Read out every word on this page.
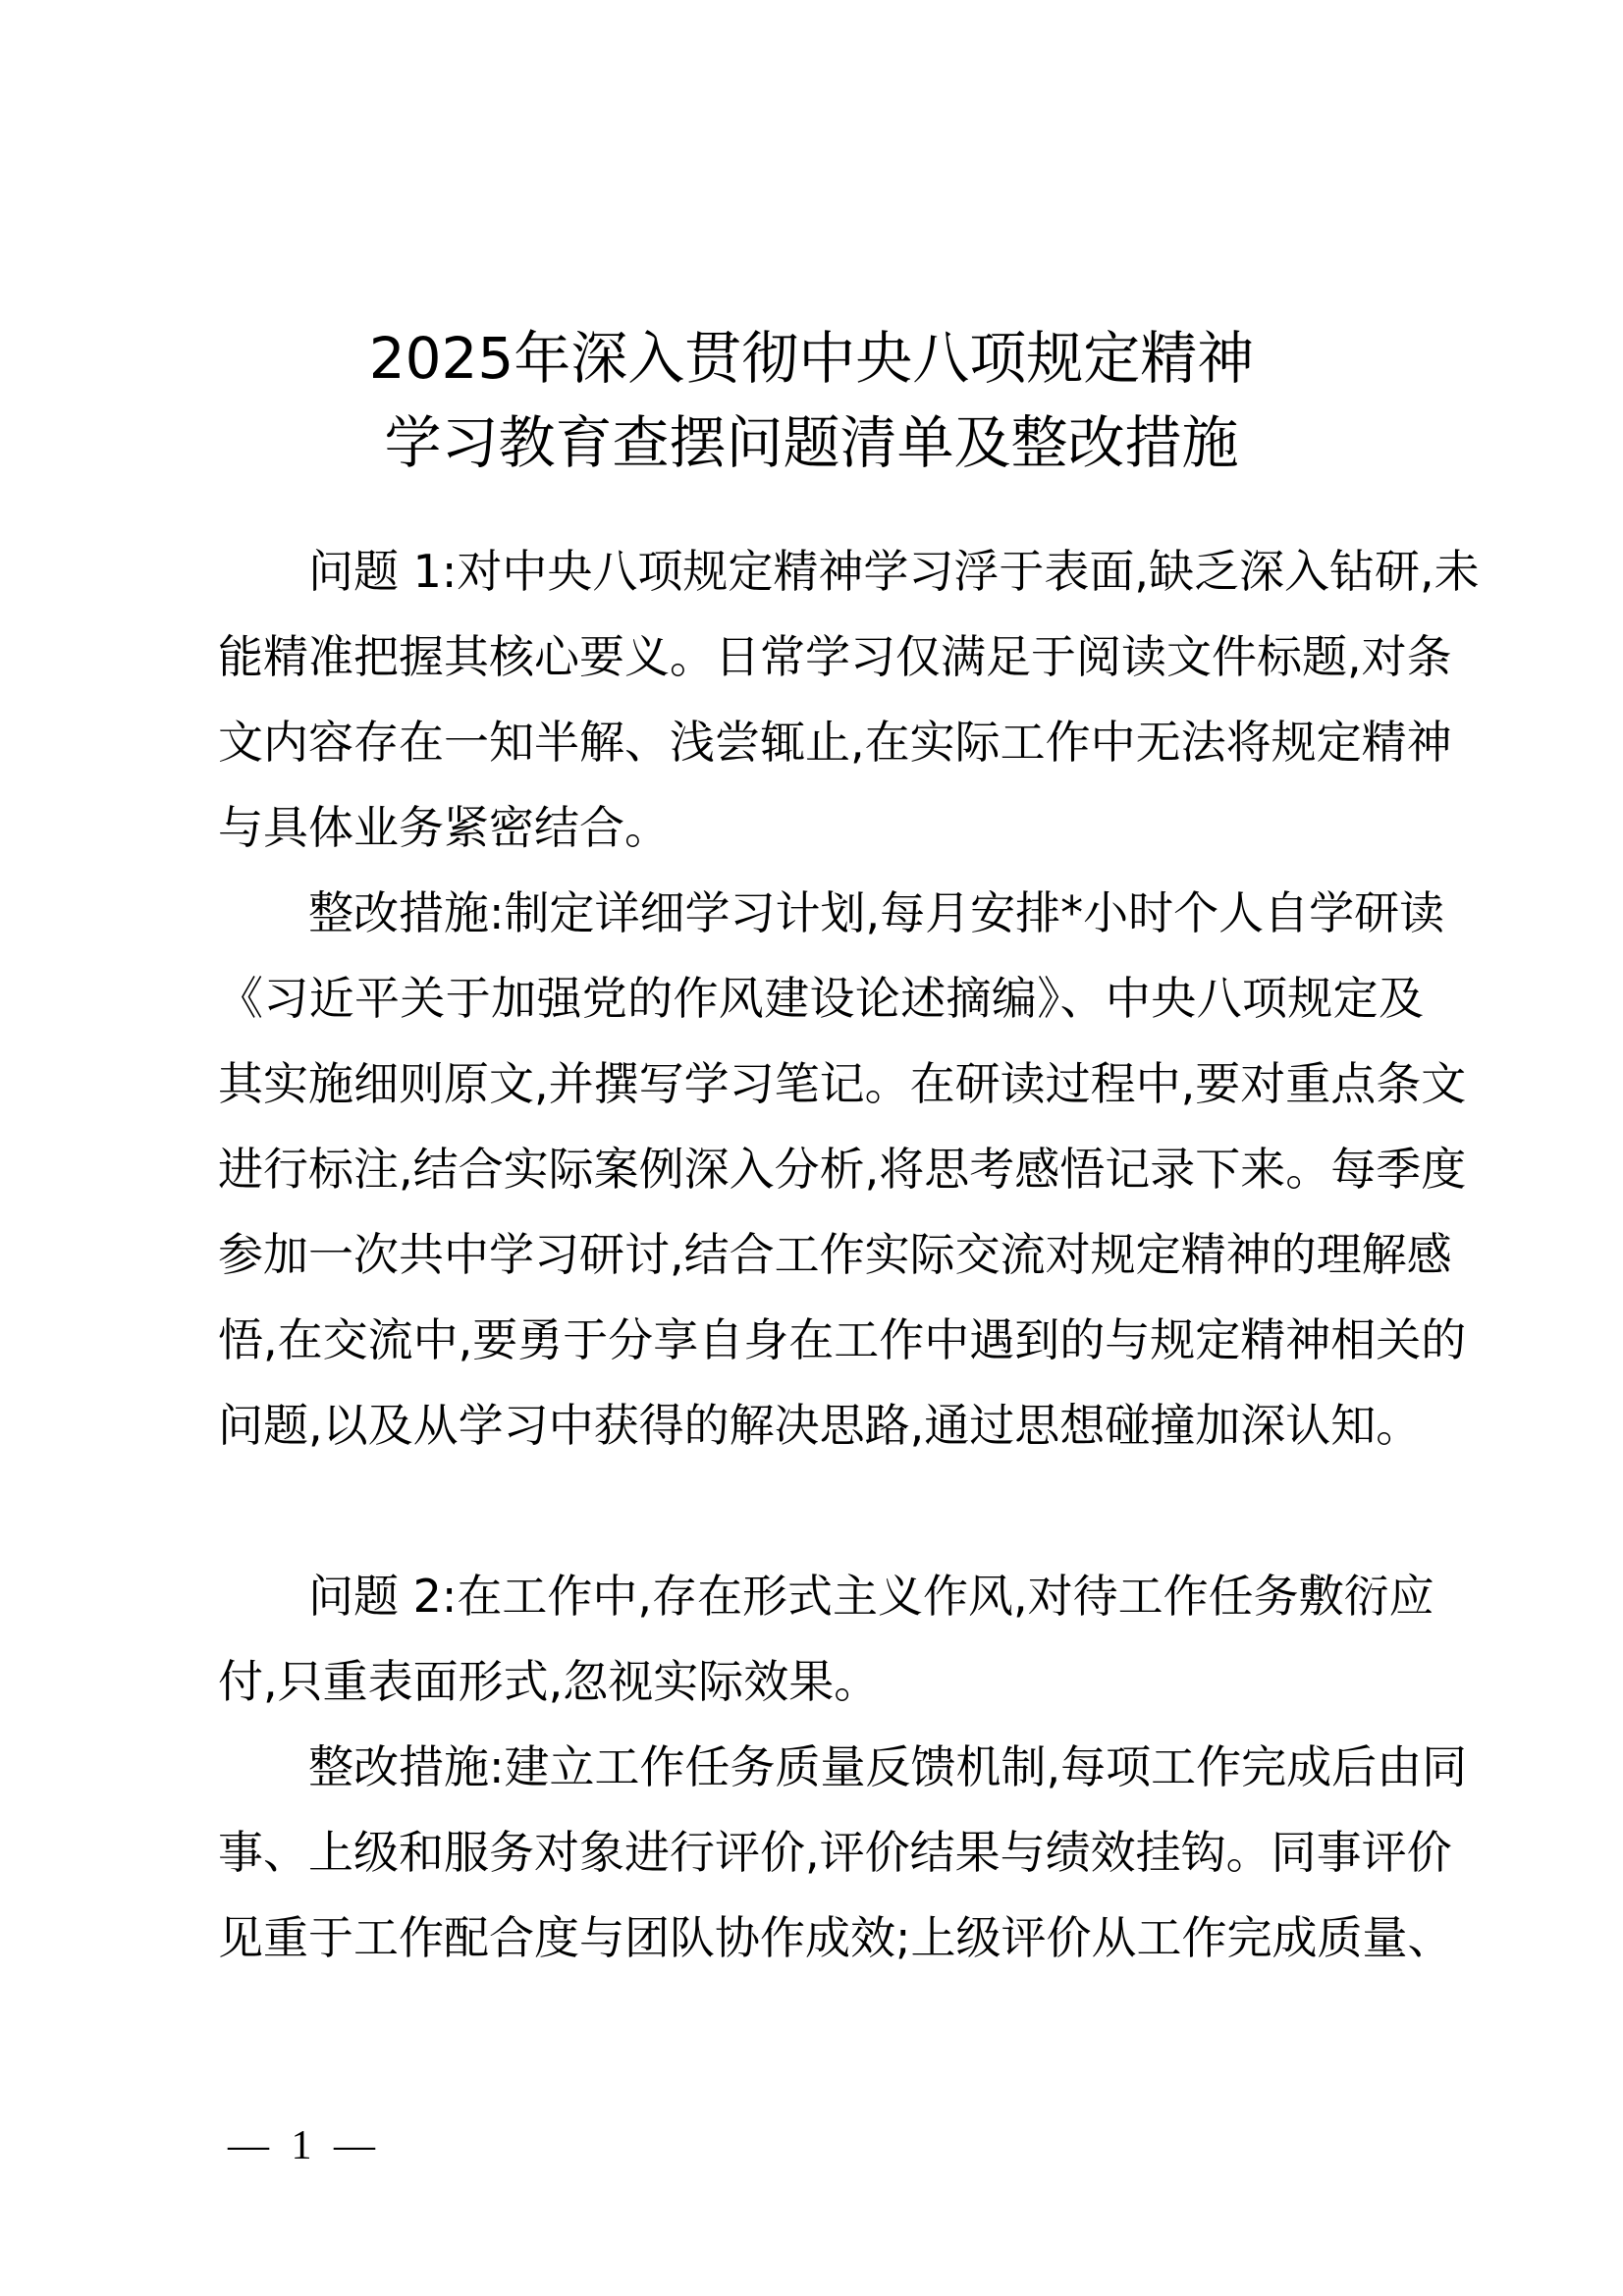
2025年深入贯彻中央八项规定精神
学习教育查摆问题清单及整改措施
问题 1:对中央八项规定精神学习浮于表面,缺乏深入钻研,未
能精准把握其核心要义。日常学习仅满足于阅读文件标题,对条
文内容存在一知半解、浅尝辄止,在实际工作中无法将规定精神
与具体业务紧密结合。
整改措施:制定详细学习计划,每月安排*小时个人自学研读
《习近平关于加强党的作风建设论述摘编》、中央八项规定及
其实施细则原文,并撰写学习笔记。在研读过程中,要对重点条文
进行标注,结合实际案例深入分析,将思考感悟记录下来。每季度
参加一次共中学习研讨,结合工作实际交流对规定精神的理解感
悟,在交流中,要勇于分享自身在工作中遇到的与规定精神相关的
问题,以及从学习中获得的解决思路,通过思想碰撞加深认知。
问题 2:在工作中,存在形式主义作风,对待工作任务敷衍应
付,只重表面形式,忽视实际效果。
整改措施:建立工作任务质量反馈机制,每项工作完成后由同
事、上级和服务对象进行评价,评价结果与绩效挂钩。同事评价
见重于工作配合度与团队协作成效;上级评价从工作完成质量、
— 1 —
